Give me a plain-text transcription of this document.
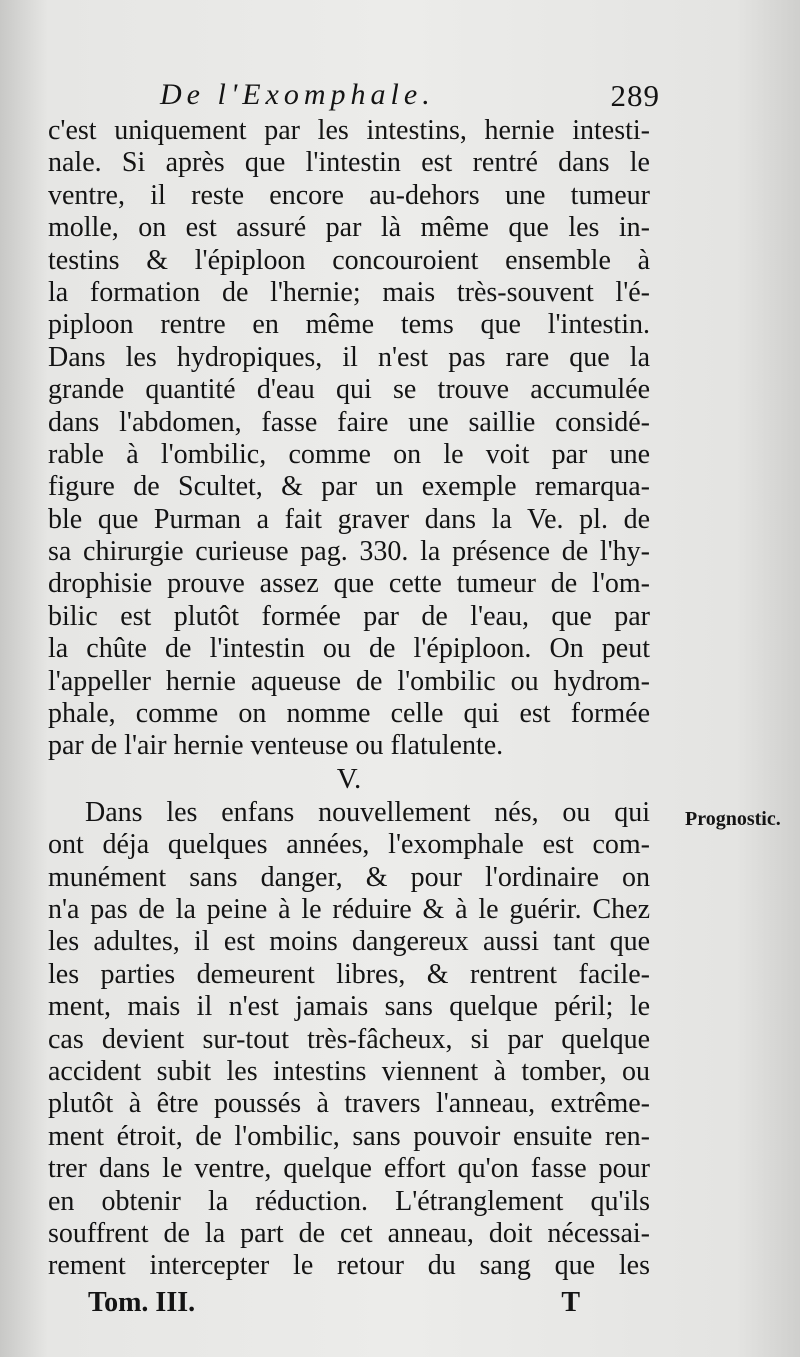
De l'Exomphale.	289
c'est uniquement par les intestins, hernie intesti-
nale. Si après que l'intestin est rentré dans le
ventre, il reste encore au-dehors une tumeur
molle, on est assuré par là même que les in-
testins & l'épiploon concouroient ensemble à
la formation de l'hernie; mais très-souvent l'é-
piploon rentre en même tems que l'intestin.
Dans les hydropiques, il n'est pas rare que la
grande quantité d'eau qui se trouve accumulée
dans l'abdomen, fasse faire une saillie considé-
rable à l'ombilic, comme on le voit par une
figure de Scultet, & par un exemple remarqua-
ble que Purman a fait graver dans la Ve. pl. de
sa chirurgie curieuse pag. 330. la présence de l'hy-
drophisie prouve assez que cette tumeur de l'om-
bilic est plutôt formée par de l'eau, que par
la chûte de l'intestin ou de l'épiploon. On peut
l'appeller hernie aqueuse de l'ombilic ou hydrom-
phale, comme on nomme celle qui est formée
par de l'air hernie venteuse ou flatulente.
V.
Dans les enfans nouvellement nés, ou qui
ont déja quelques années, l'exomphale est com-
munément sans danger, & pour l'ordinaire on
n'a pas de la peine à le réduire & à le guérir. Chez
les adultes, il est moins dangereux aussi tant que
les parties demeurent libres, & rentrent facile-
ment, mais il n'est jamais sans quelque péril; le
cas devient sur-tout très-fâcheux, si par quelque
accident subit les intestins viennent à tomber, ou
plutôt à être poussés à travers l'anneau, extrême-
ment étroit, de l'ombilic, sans pouvoir ensuite ren-
trer dans le ventre, quelque effort qu'on fasse pour
en obtenir la réduction. L'étranglement qu'ils
souffrent de la part de cet anneau, doit nécessai-
rement intercepter le retour du sang que les
Prognostic.
Tom. III.	T
